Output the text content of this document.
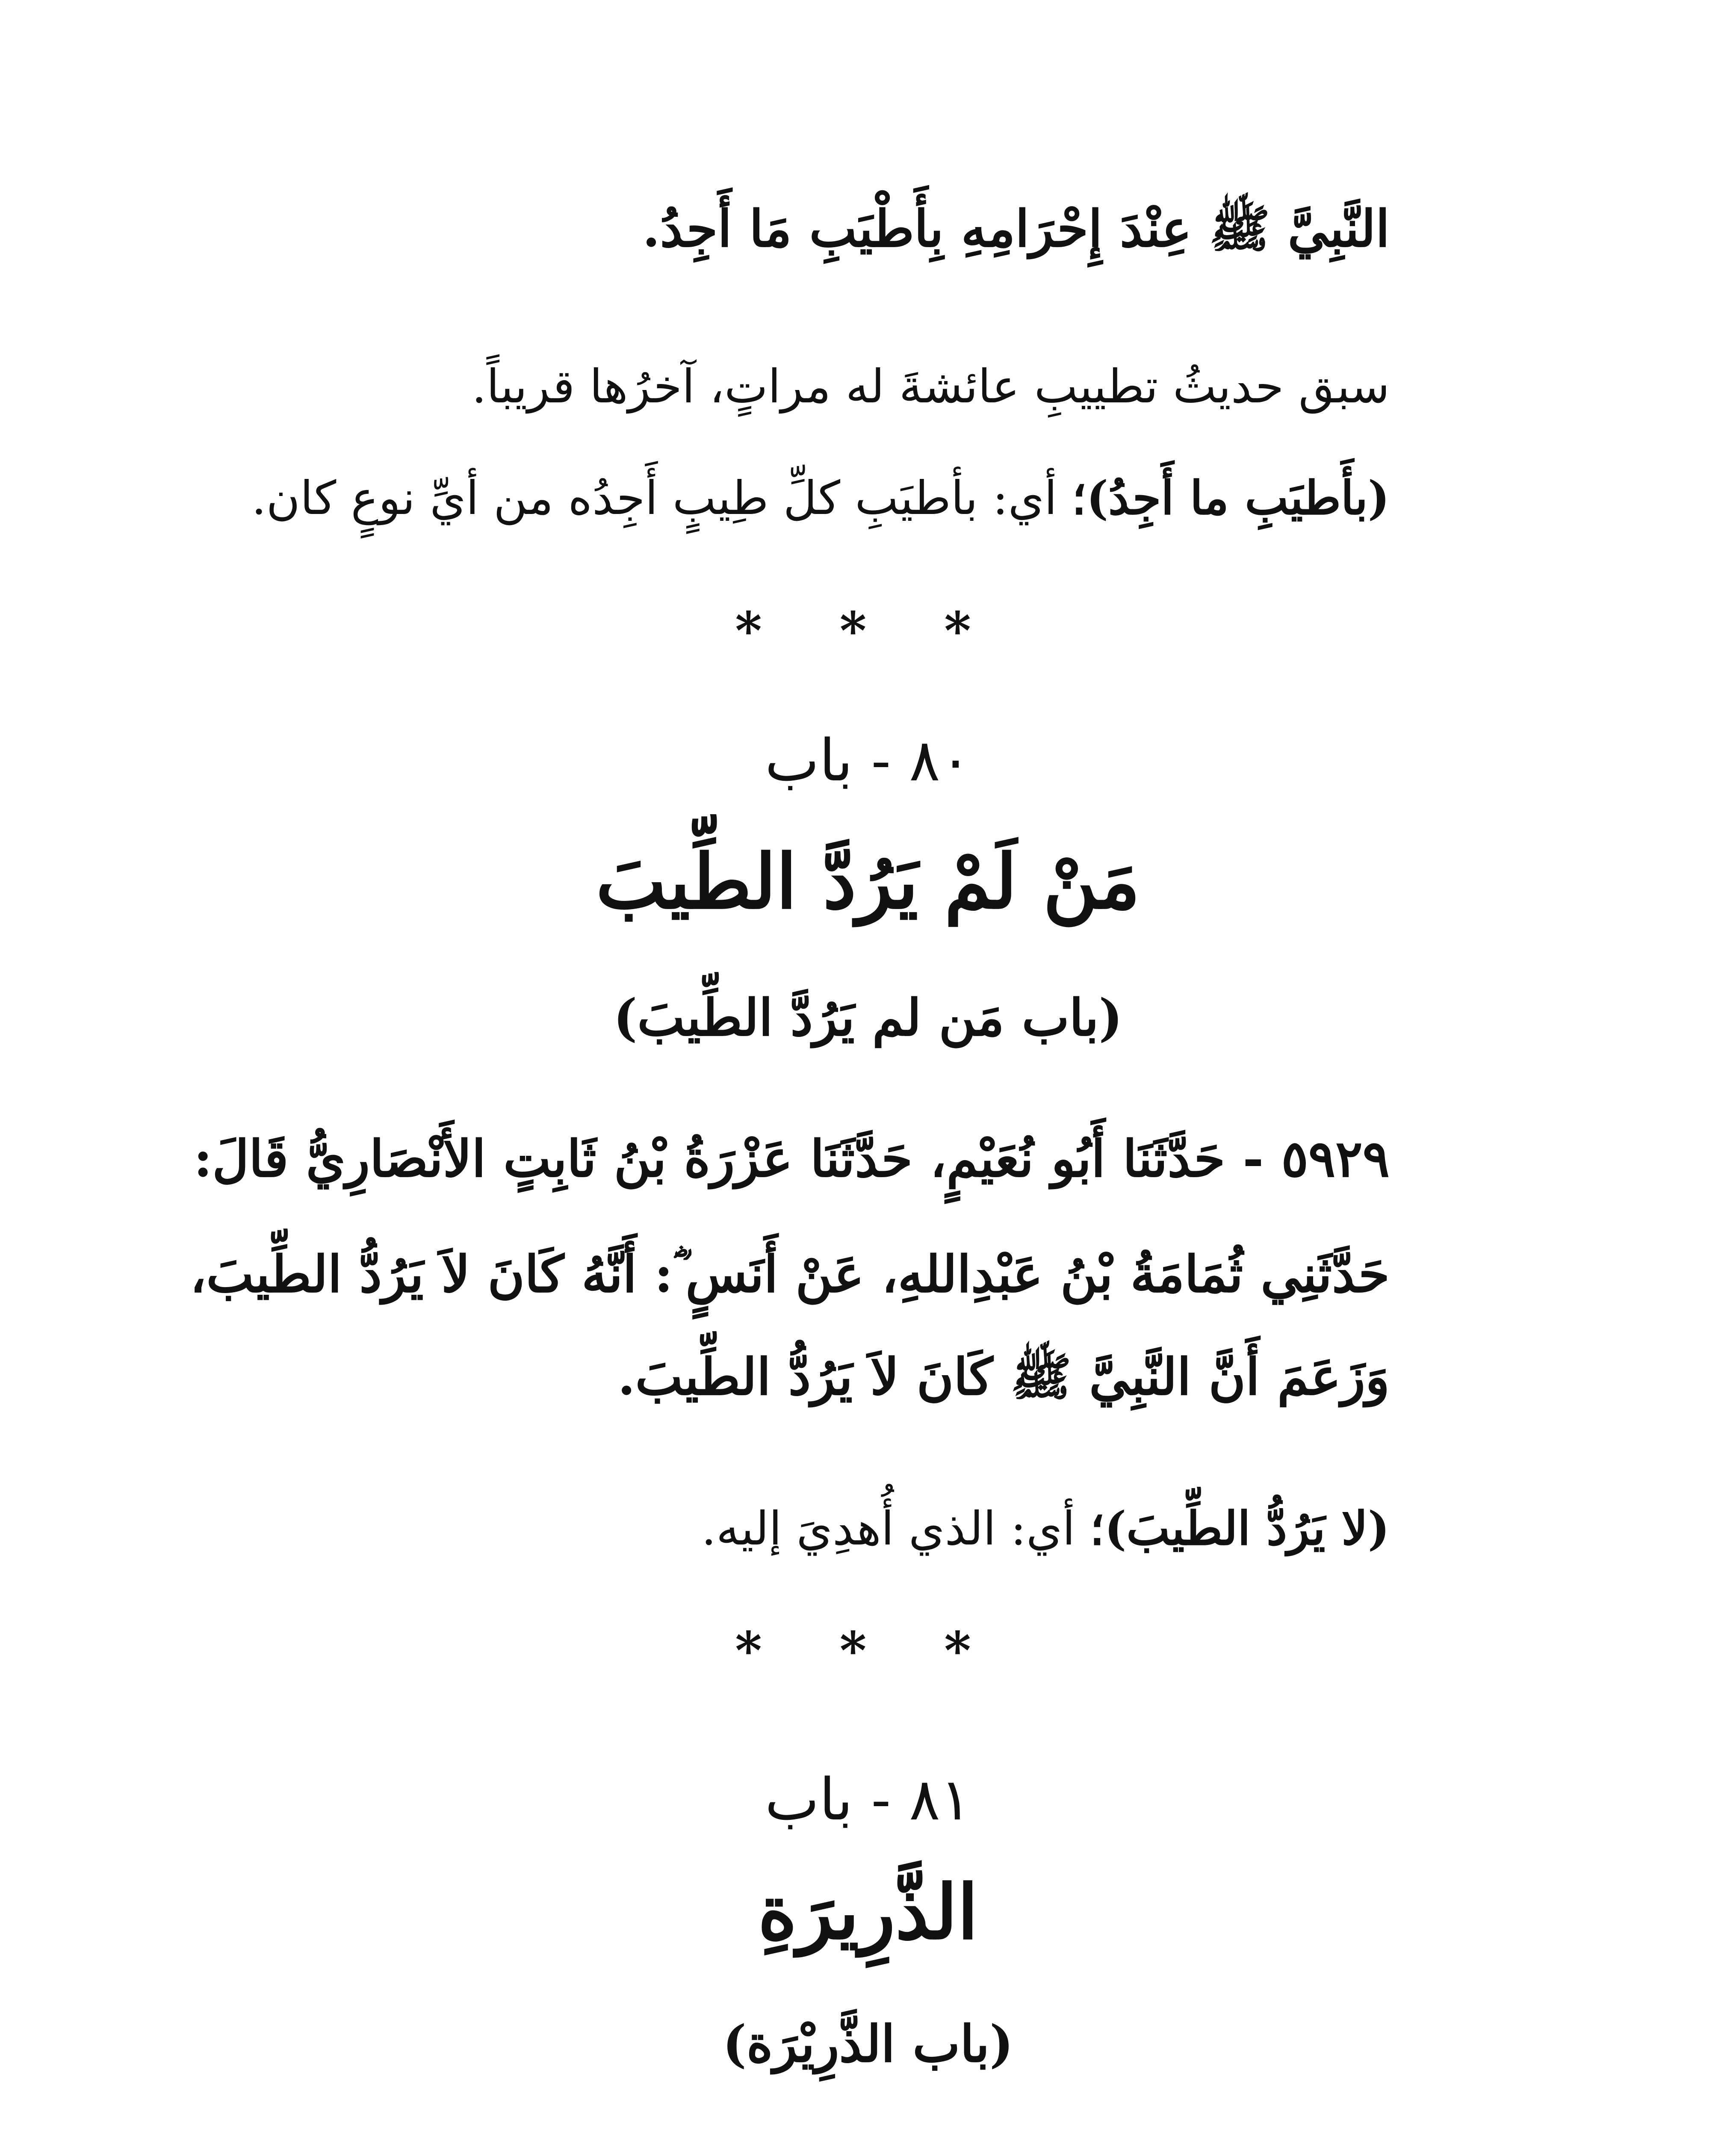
النَّبِيَّ ﷺ عِنْدَ إِحْرَامِهِ بِأَطْيَبِ مَا أَجِدُ.
سبق حديثُ تطييبِ عائشةَ له مراتٍ، آخرُها قريباً.
(بأَطيَبِ ما أَجِدُ)؛ أي: بأطيَبِ كلِّ طِيبٍ أَجِدُه من أيِّ نوعٍ كان.
* * *
٨٠ - باب
مَنْ لَمْ يَرُدَّ الطِّيبَ
(باب مَن لم يَرُدَّ الطِّيبَ)
٥٩٢٩ - حَدَّثَنَا أَبُو نُعَيْمٍ، حَدَّثَنَا عَزْرَةُ بْنُ ثَابِتٍ الأَنْصَارِيُّ قَالَ:
حَدَّثَنِي ثُمَامَةُ بْنُ عَبْدِاللهِ، عَنْ أَنَسٍ ؓ: أَنَّهُ كَانَ لاَ يَرُدُّ الطِّيبَ،
وَزَعَمَ أَنَّ النَّبِيَّ ﷺ كَانَ لاَ يَرُدُّ الطِّيبَ.
(لا يَرُدُّ الطِّيبَ)؛ أي: الذي أُهدِيَ إليه.
* * *
٨١ - باب
الذَّرِيرَةِ
(باب الذَّرِيْرَة)
